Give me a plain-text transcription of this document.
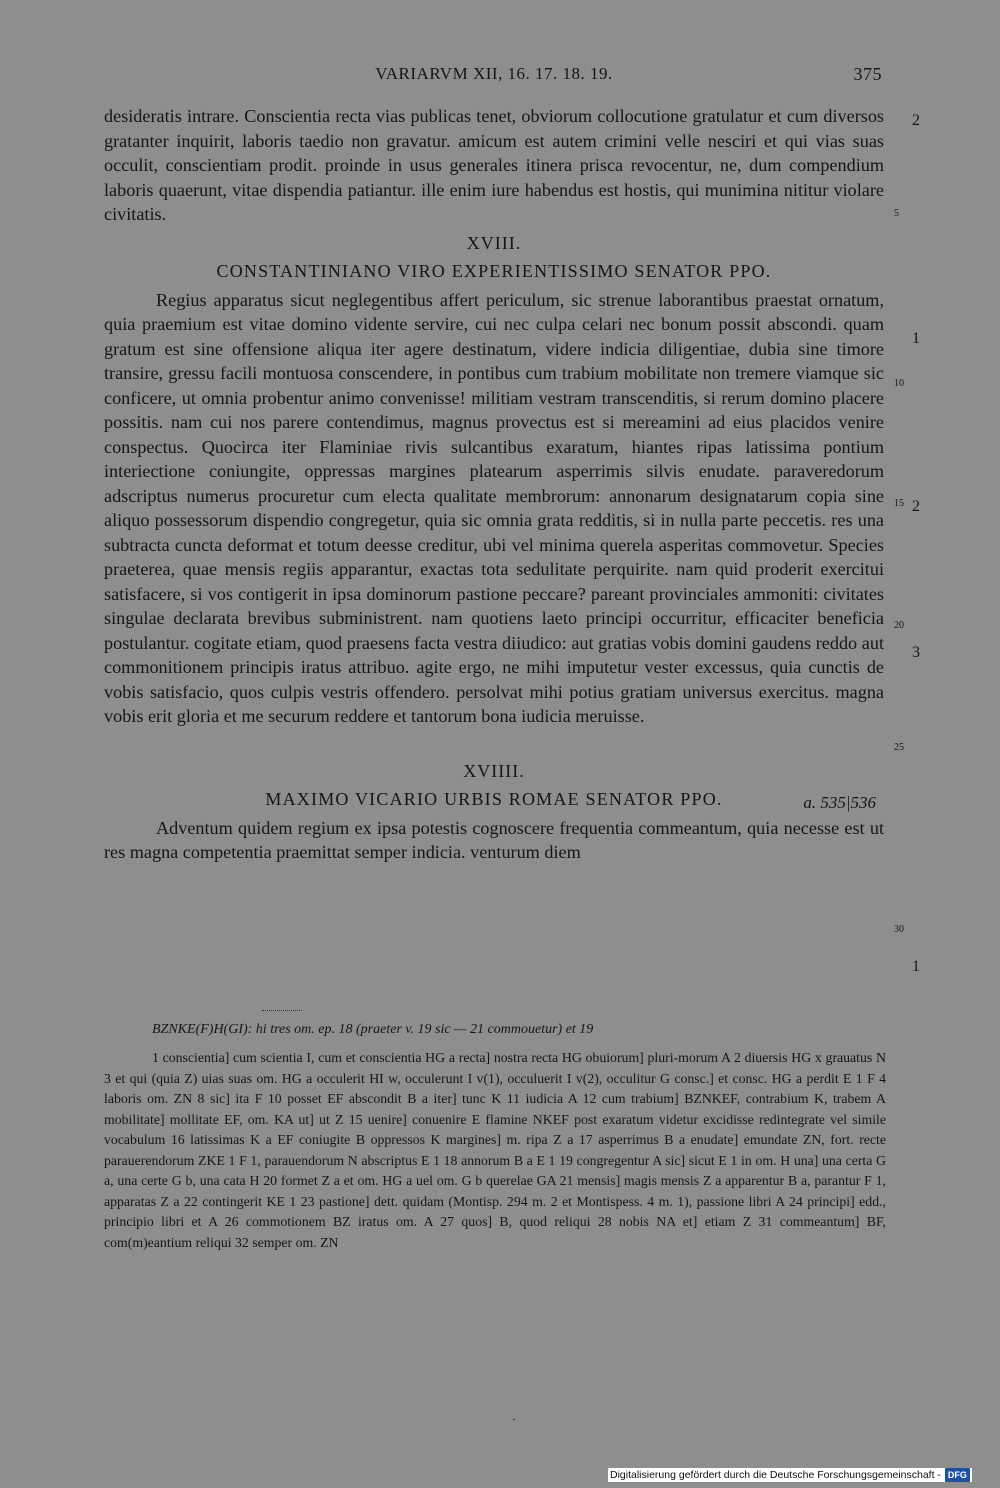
VARIARVM XII, 16. 17. 18. 19.	375

desideratis intrare. Conscientia recta vias publicas tenet, obviorum collocutione gratulatur et cum diversos gratanter inquirit, laboris taedio non gravatur. amicum est autem crimini velle nesciri et qui vias suas occulit, conscientiam prodit. proinde in usus generales itinera prisca revocentur, ne, dum compendium laboris quaerunt, vitae dispendia patiantur. ille enim iure habendus est hostis, qui munimina nititur violare civitatis.

XVIII.
CONSTANTINIANO VIRO EXPERIENTISSIMO SENATOR PPO.

Regius apparatus sicut neglegentibus affert periculum, sic strenue laborantibus praestat ornatum, quia praemium est vitae domino vidente servire, cui nec culpa celari nec bonum possit abscondi. quam gratum est sine offensione aliqua iter agere destinatum, videre indicia diligentiae, dubia sine timore transire, gressu facili montuosa conscendere, in pontibus cum trabium mobilitate non tremere viamque sic conficere, ut omnia probentur animo convenisse! militiam vestram transcenditis, si rerum domino placere possitis. nam cui nos parere contendimus, magnus provectus est si mereamini ad eius placidos venire conspectus. Quocirca iter Flaminiae rivis sulcantibus exaratum, hiantes ripas latissima pontium interiectione coniungite, oppressas margines platearum asperrimis silvis enudate. paraveredorum adscriptus numerus procuretur cum electa qualitate membrorum: annonarum designatarum copia sine aliquo possessorum dispendio congregetur, quia sic omnia grata redditis, si in nulla parte peccetis. res una subtracta cuncta deformat et totum deesse creditur, ubi vel minima querela asperitas commovetur. Species praeterea, quae mensis regiis apparantur, exactas tota sedulitate perquirite. nam quid proderit exercitui satisfacere, si vos contigerit in ipsa dominorum pastione peccare? pareant provinciales ammoniti: civitates singulae declarata brevibus subministrent. nam quotiens laeto principi occurritur, efficaciter beneficia postulantur. cogitate etiam, quod praesens facta vestra diiudico: aut gratias vobis domini gaudens reddo aut commonitionem principis iratus attribuo. agite ergo, ne mihi imputetur vester excessus, quia cunctis de vobis satisfacio, quos culpis vestris offendero. persolvat mihi potius gratiam universus exercitus. magna vobis erit gloria et me securum reddere et tantorum bona iudicia meruisse.

XVIIII.
MAXIMO VICARIO URBIS ROMAE SENATOR PPO.	a. 535|536

Adventum quidem regium ex ipsa potestis cognoscere frequentia commeantum, quia necesse est ut res magna competentia praemittat semper indicia. venturum diem

2
5
1
10
15 2
20
3
25
30
1
BZNKE(F)H(GI): hi tres om. ep. 18 (praeter v. 19 sic — 21 commouetur) et 19

1 conscientia] cum scientia I, cum et conscientia HG a recta] nostra recta HG obuiorum] pluri-morum A 2 diuersis HG x grauatus N 3 et qui (quia Z) uias suas om. HG a occulerit HI w, occulerunt I v(1), occuluerit I v(2), occulitur G consc.] et consc. HG a perdit E 1 F 4 laboris om. ZN 8 sic] ita F 10 posset EF abscondit B a iter] tunc K 11 iudicia A 12 cum trabium] BZNKEF, contrabium K, trabem A mobilitate] mollitate EF, om. KA ut] ut Z 15 uenire] conuenire E flamine NKEF post exaratum videtur excidisse redintegrate vel simile vocabulum 16 latissimas K a EF coniugite B oppressos K margines] m. ripa Z a 17 asperrimus B a enudate] emundate ZN, fort. recte parauerendorum ZKE 1 F 1, parauendorum N abscriptus E 1 18 annorum B a E 1 19 congregentur A sic] sicut E 1 in om. H una] una certa G a, una certe G b, una cata H 20 formet Z a et om. HG a uel om. G b querelae GA 21 mensis] magis mensis Z a apparentur B a, parantur F 1, apparatas Z a 22 contingerit KE 1 23 pastione] dett. quidam (Montisp. 294 m. 2 et Montispess. 4 m. 1), passione libri A 24 principi] edd., principio libri et A 26 commotionem BZ iratus om. A 27 quos] B, quod reliqui 28 nobis NA et] etiam Z 31 commeantum] BF, com(m)eantium reliqui 32 semper om. ZN

·
Digitalisierung gefördert durch die Deutsche Forschungsgemeinschaft - DFG
